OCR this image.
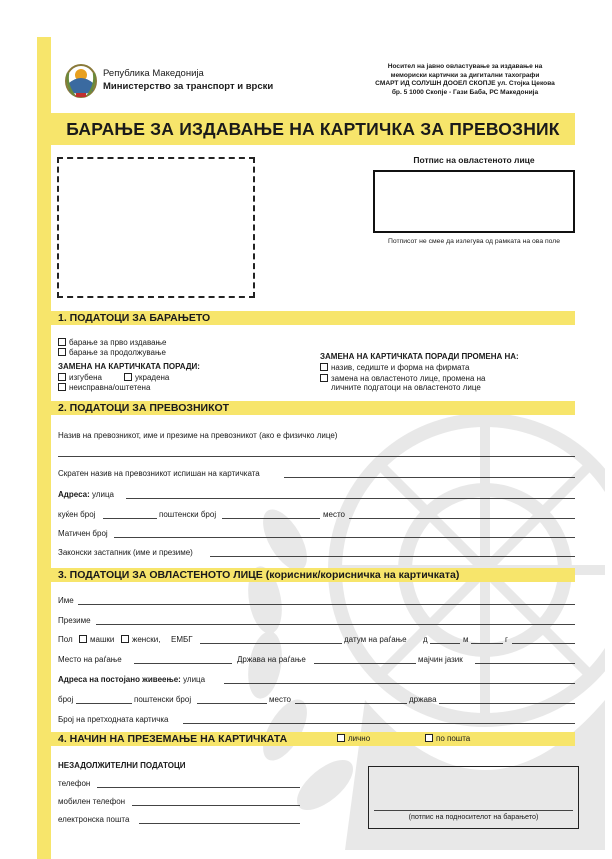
Република Македонија
Министерство за транспорт и врски
Носител на јавно овластување за издавање на
мемориски картички за дигитални тахографи
СМАРТ ИД СОЛУШН ДООЕЛ СКОПЈЕ ул. Стојка Цекова
бр. 5 1000 Скопје - Гази Баба, РС Македонија
БАРАЊЕ ЗА ИЗДАВАЊЕ НА КАРТИЧКА ЗА ПРЕВОЗНИК
Потпис на овластеното лице
Потписот не смее да излегува од рамката на ова поле
1. ПОДАТОЦИ ЗА БАРАЊЕТО
барање за прво издавање
барање за продолжување
ЗАМЕНА НА КАРТИЧКАТА ПОРАДИ:
изгубена	украдена
неисправна/оштетена
ЗАМЕНА НА КАРТИЧКАТА ПОРАДИ ПРОМЕНА НА:
назив, седиште и форма на фирмата
замена на овластеното лице, промена на
личните подгатоци на овластеното лице
2. ПОДАТОЦИ ЗА ПРЕВОЗНИКОТ
Назив на превозникот, име и презиме на превозникот (ако е физичко лице)
Скратен назив на превозникот испишан на картичката
Адреса: улица
куќен број	поштенски број	место
Матичен број
Законски застапник (име и презиме)
3. ПОДАТОЦИ ЗА ОВЛАСТЕНОТО ЛИЦЕ (корисник/корисничка на картичката)
Име
Презиме
Пол	машки	женски, ЕМБГ	датум на раѓање д	м	г
Место на раѓање	Држава на раѓање	мајчин јазик
Адреса на постојано живеење: улица
број	поштенски број	место	држава
Број на претходната картичка
4. НАЧИН НА ПРЕЗЕМАЊЕ НА КАРТИЧКАТА	лично	по пошта
НЕЗАДОЛЖИТЕЛНИ ПОДАТОЦИ
телефон
мобилен телефон
електронска пошта	(потпис на подносителот на барањето)
